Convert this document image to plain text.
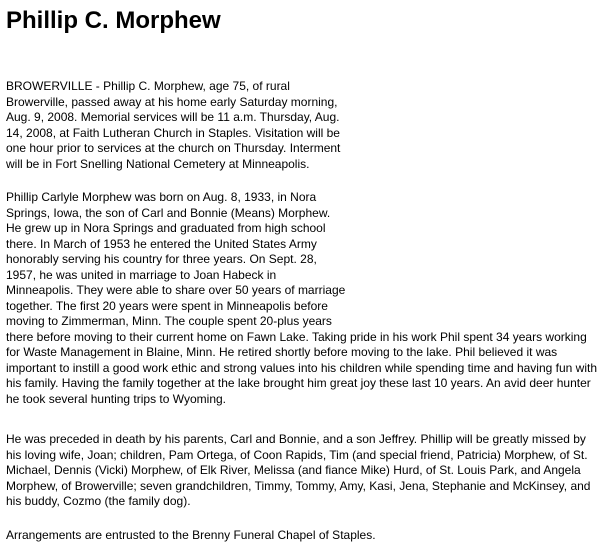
Phillip C. Morphew
BROWERVILLE - Phillip C. Morphew, age 75, of rural
Browerville, passed away at his home early Saturday morning,
Aug. 9, 2008. Memorial services will be 11 a.m. Thursday, Aug.
14, 2008, at Faith Lutheran Church in Staples. Visitation will be
one hour prior to services at the church on Thursday. Interment
will be in Fort Snelling National Cemetery at Minneapolis.
Phillip Carlyle Morphew was born on Aug. 8, 1933, in Nora
Springs, Iowa, the son of Carl and Bonnie (Means) Morphew.
He grew up in Nora Springs and graduated from high school
there. In March of 1953 he entered the United States Army
honorably serving his country for three years. On Sept. 28,
1957, he was united in marriage to Joan Habeck in
Minneapolis. They were able to share over 50 years of marriage
together. The first 20 years were spent in Minneapolis before
moving to Zimmerman, Minn. The couple spent 20-plus years
there before moving to their current home on Fawn Lake. Taking pride in his work Phil spent 34 years working
for Waste Management in Blaine, Minn. He retired shortly before moving to the lake. Phil believed it was
important to instill a good work ethic and strong values into his children while spending time and having fun with
his family. Having the family together at the lake brought him great joy these last 10 years. An avid deer hunter
he took several hunting trips to Wyoming.
He was preceded in death by his parents, Carl and Bonnie, and a son Jeffrey. Phillip will be greatly missed by
his loving wife, Joan; children, Pam Ortega, of Coon Rapids, Tim (and special friend, Patricia) Morphew, of St.
Michael, Dennis (Vicki) Morphew, of Elk River, Melissa (and fiance Mike) Hurd, of St. Louis Park, and Angela
Morphew, of Browerville; seven grandchildren, Timmy, Tommy, Amy, Kasi, Jena, Stephanie and McKinsey, and
his buddy, Cozmo (the family dog).
Arrangements are entrusted to the Brenny Funeral Chapel of Staples.
